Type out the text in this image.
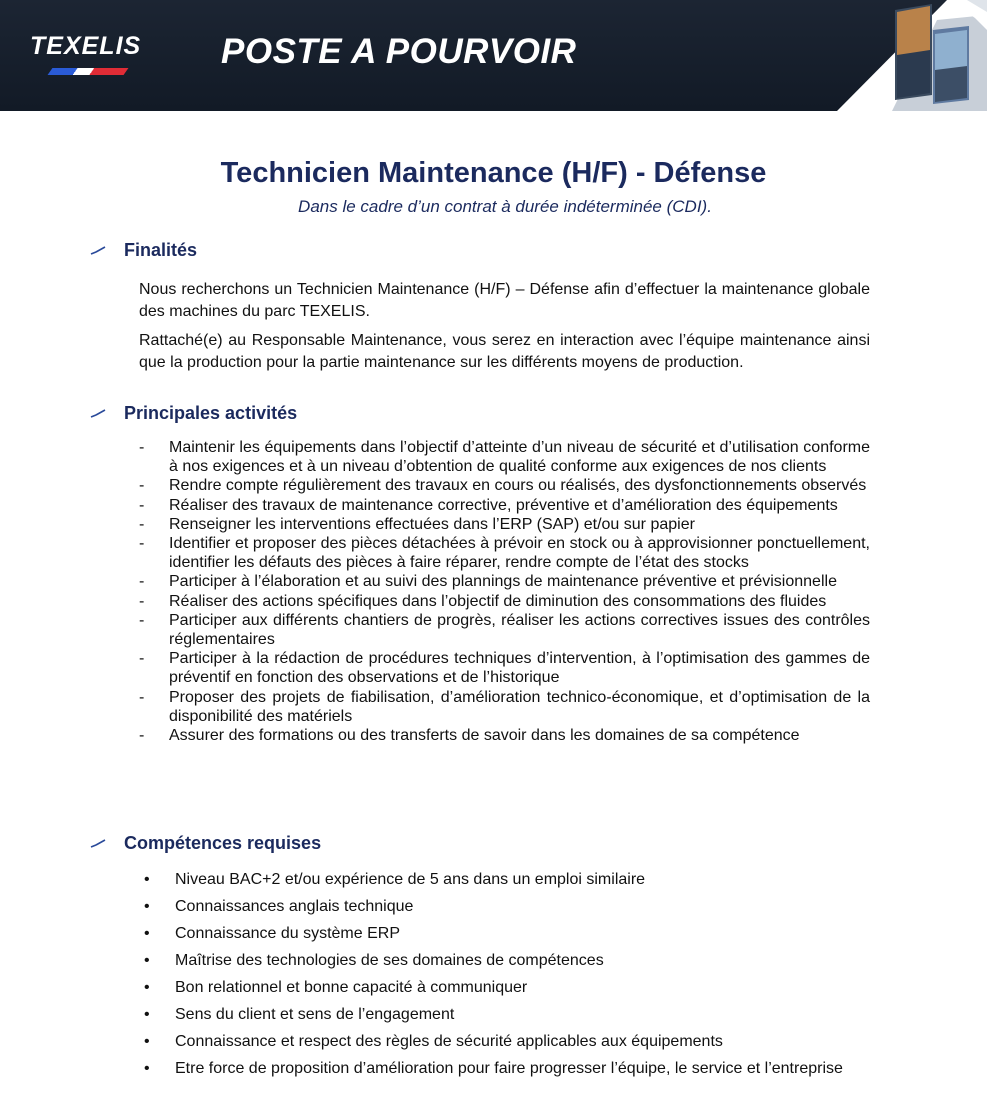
TEXELIS POSTE A POURVOIR
Technicien Maintenance (H/F) - Défense
Dans le cadre d’un contrat à durée indéterminée (CDI).
Finalités

Nous recherchons un Technicien Maintenance (H/F) – Défense afin d’effectuer la maintenance globale des machines du parc TEXELIS.

Rattaché(e) au Responsable Maintenance, vous serez en interaction avec l’équipe maintenance ainsi que la production pour la partie maintenance sur les différents moyens de production.

Principales activités
- Maintenir les équipements dans l’objectif d’atteinte d’un niveau de sécurité et d’utilisation conforme à nos exigences et à un niveau d’obtention de qualité conforme aux exigences de nos clients
- Rendre compte régulièrement des travaux en cours ou réalisés, des dysfonctionnements observés
- Réaliser des travaux de maintenance corrective, préventive et d’amélioration des équipements
- Renseigner les interventions effectuées dans l’ERP (SAP) et/ou sur papier
- Identifier et proposer des pièces détachées à prévoir en stock ou à approvisionner ponctuellement, identifier les défauts des pièces à faire réparer, rendre compte de l’état des stocks
- Participer à l’élaboration et au suivi des plannings de maintenance préventive et prévisionnelle
- Réaliser des actions spécifiques dans l’objectif de diminution des consommations des fluides
- Participer aux différents chantiers de progrès, réaliser les actions correctives issues des contrôles réglementaires
- Participer à la rédaction de procédures techniques d’intervention, à l’optimisation des gammes de préventif en fonction des observations et de l’historique
- Proposer des projets de fiabilisation, d’amélioration technico-économique, et d’optimisation de la disponibilité des matériels
- Assurer des formations ou des transferts de savoir dans les domaines de sa compétence
Compétences requises
• Niveau BAC+2 et/ou expérience de 5 ans dans un emploi similaire
• Connaissances anglais technique
• Connaissance du système ERP
• Maîtrise des technologies de ses domaines de compétences
• Bon relationnel et bonne capacité à communiquer
• Sens du client et sens de l’engagement
• Connaissance et respect des règles de sécurité applicables aux équipements
• Etre force de proposition d’amélioration pour faire progresser l’équipe, le service et l’entreprise
